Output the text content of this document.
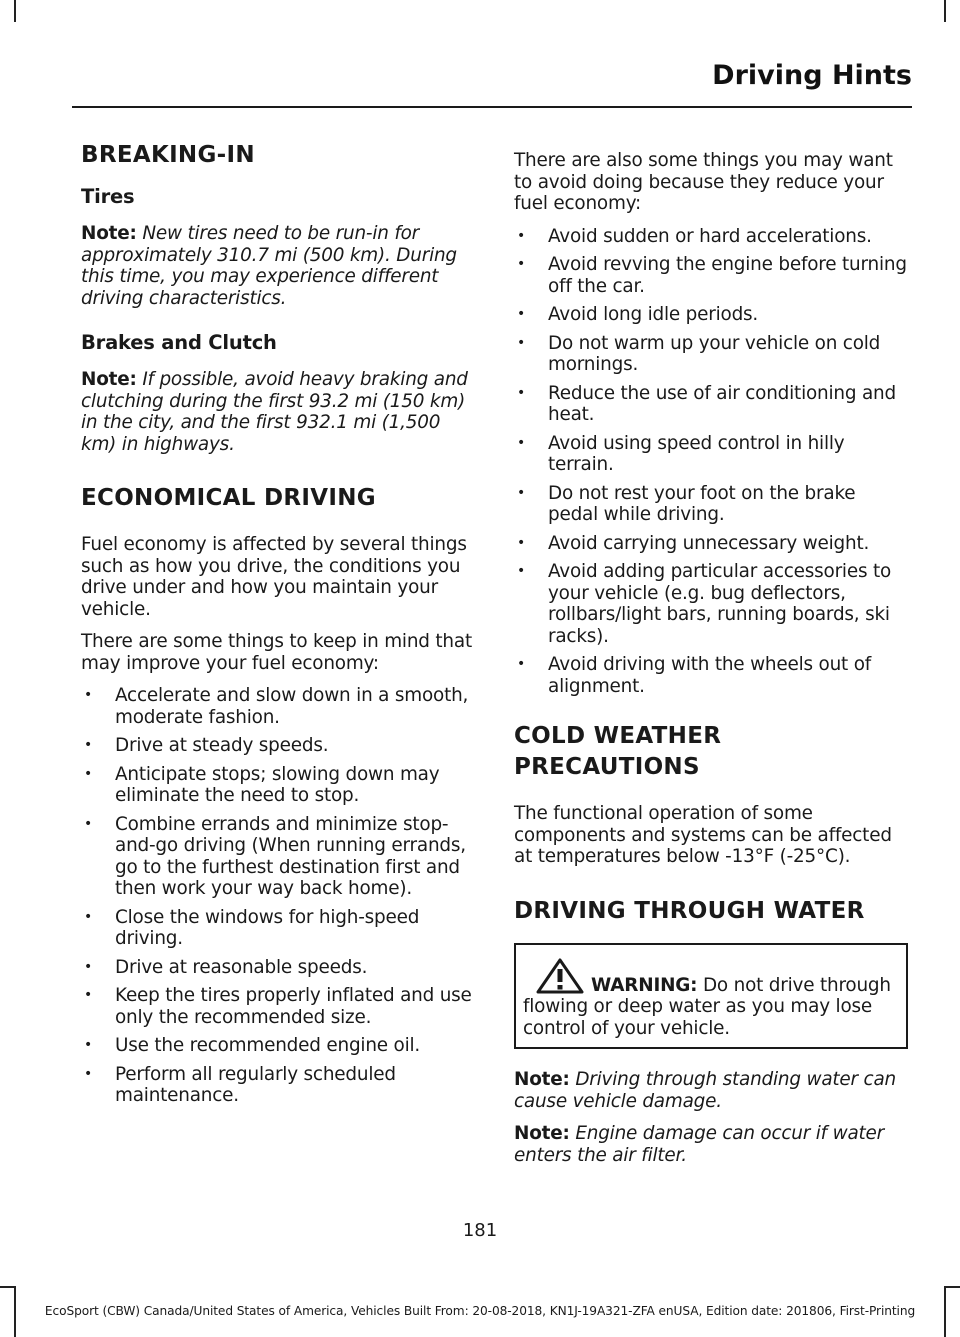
Driving Hints
BREAKING-IN
Tires

Note: New tires need to be run-in for approximately 310.7 mi (500 km). During this time, you may experience different driving characteristics.

Brakes and Clutch

Note: If possible, avoid heavy braking and clutching during the first 93.2 mi (150 km) in the city, and the first 932.1 mi (1,500 km) in highways.

ECONOMICAL DRIVING

Fuel economy is affected by several things such as how you drive, the conditions you drive under and how you maintain your vehicle.

There are some things to keep in mind that may improve your fuel economy:

• Accelerate and slow down in a smooth, moderate fashion.
• Drive at steady speeds.
• Anticipate stops; slowing down may eliminate the need to stop.
• Combine errands and minimize stop-and-go driving (When running errands, go to the furthest destination first and then work your way back home).
• Close the windows for high-speed driving.
• Drive at reasonable speeds.
• Keep the tires properly inflated and use only the recommended size.
• Use the recommended engine oil.
• Perform all regularly scheduled maintenance.

There are also some things you may want to avoid doing because they reduce your fuel economy:

• Avoid sudden or hard accelerations.
• Avoid revving the engine before turning off the car.
• Avoid long idle periods.
• Do not warm up your vehicle on cold mornings.
• Reduce the use of air conditioning and heat.
• Avoid using speed control in hilly terrain.
• Do not rest your foot on the brake pedal while driving.
• Avoid carrying unnecessary weight.
• Avoid adding particular accessories to your vehicle (e.g. bug deflectors, rollbars/light bars, running boards, ski racks).
• Avoid driving with the wheels out of alignment.
COLD WEATHER
PRECAUTIONS

The functional operation of some components and systems can be affected at temperatures below -13°F (-25°C).

DRIVING THROUGH WATER
WARNING: Do not drive through flowing or deep water as you may lose control of your vehicle.

Note: Driving through standing water can cause vehicle damage.

Note: Engine damage can occur if water enters the air filter.

181
EcoSport (CBW) Canada/United States of America, Vehicles Built From: 20-08-2018, KN1J-19A321-ZFA enUSA, Edition date: 201806, First-Printing
